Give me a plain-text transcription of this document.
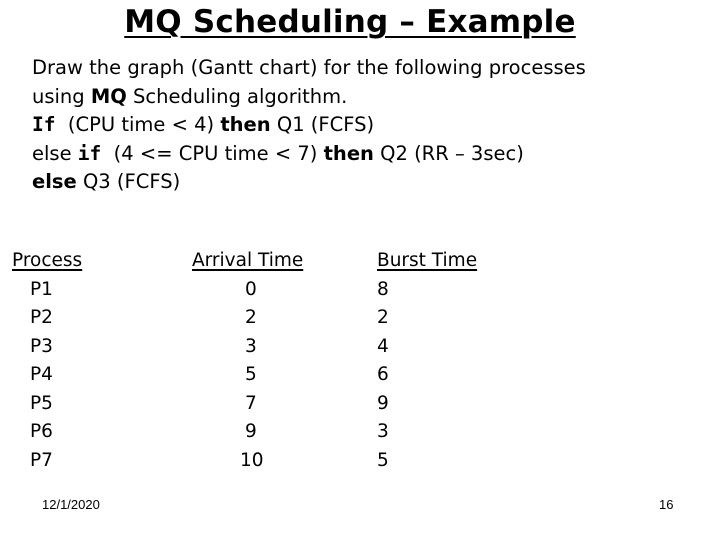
MQ Scheduling – Example
Draw the graph (Gantt chart) for the following processes
using MQ Scheduling algorithm.
If  (CPU time < 4) then Q1 (FCFS)
else if  (4 <= CPU time < 7) then Q2 (RR – 3sec)
else Q3 (FCFS)
Process
P1
P2
P3
P4
P5
P6
P7
Arrival Time
0
2
3
5
7
9
10
Burst Time
8
2
4
6
9
3
5
12/1/2020	16
